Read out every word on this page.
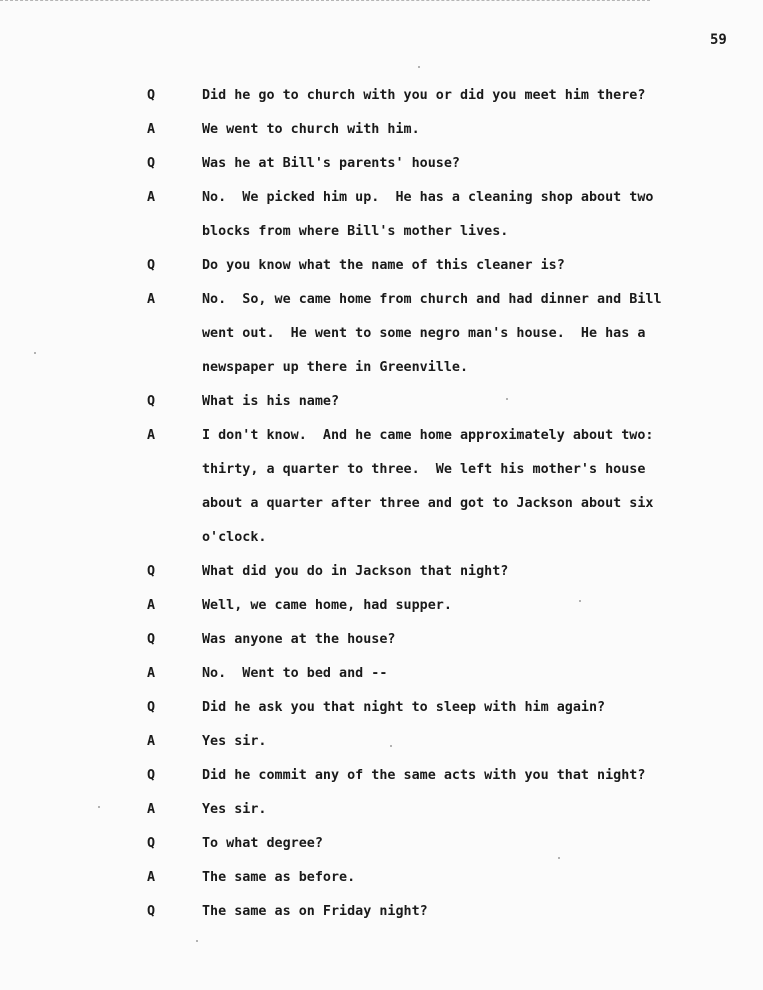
59
Q	Did he go to church with you or did you meet him there?
A	We went to church with him.
Q	Was he at Bill's parents' house?
A	No.  We picked him up.  He has a cleaning shop about two
blocks from where Bill's mother lives.
Q	Do you know what the name of this cleaner is?
A	No.  So, we came home from church and had dinner and Bill
went out.  He went to some negro man's house.  He has a
newspaper up there in Greenville.
Q	What is his name?
A	I don't know.  And he came home approximately about two:
thirty, a quarter to three.  We left his mother's house
about a quarter after three and got to Jackson about six
o'clock.
Q	What did you do in Jackson that night?
A	Well, we came home, had supper.
Q	Was anyone at the house?
A	No.  Went to bed and --
Q	Did he ask you that night to sleep with him again?
A	Yes sir.
Q	Did he commit any of the same acts with you that night?
A	Yes sir.
Q	To what degree?
A	The same as before.
Q	The same as on Friday night?
